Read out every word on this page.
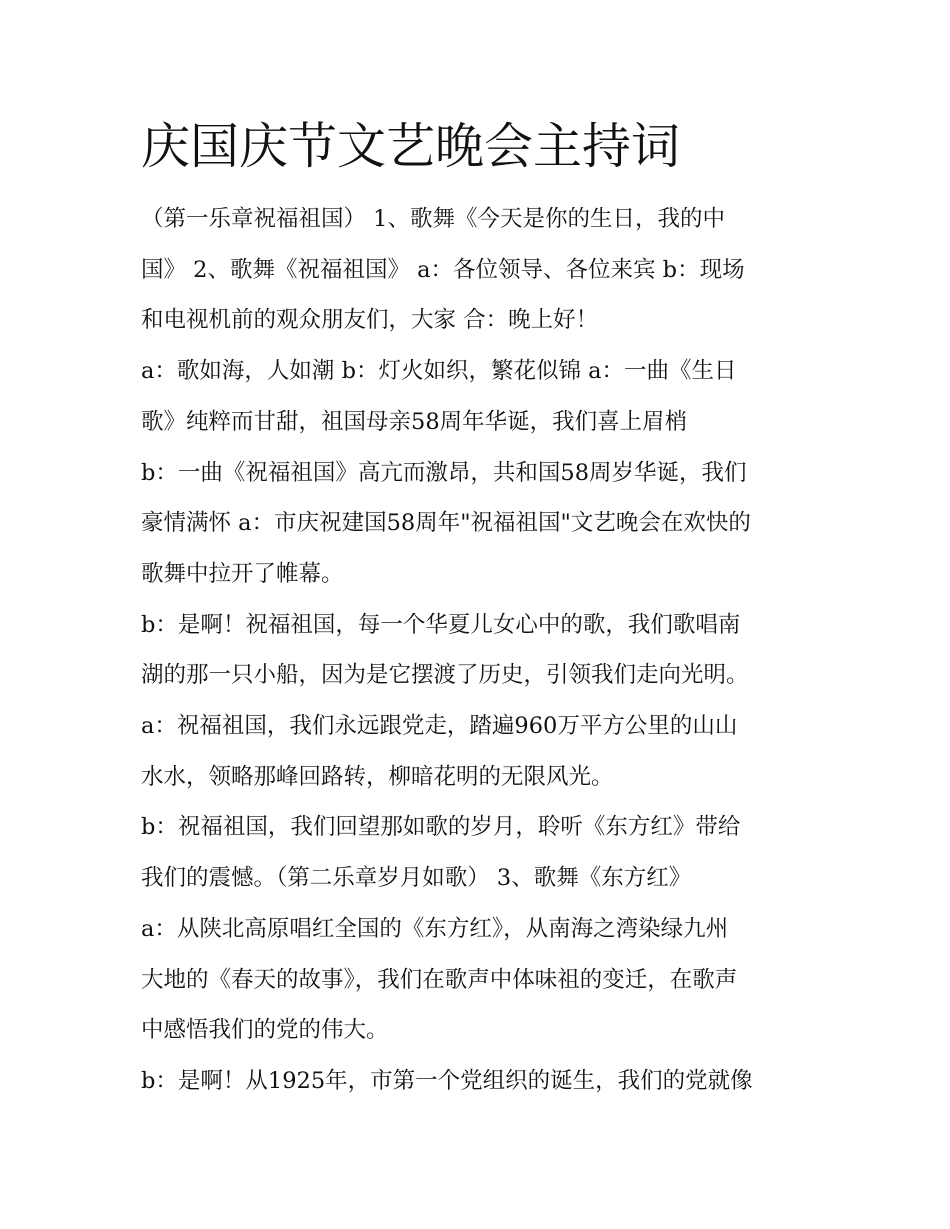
庆国庆节文艺晚会主持词
（第一乐章祝福祖国） 1、歌舞《今天是你的生日，我的中
国》 2、歌舞《祝福祖国》 a：各位领导、各位来宾 b：现场
和电视机前的观众朋友们，大家 合：晚上好！
a：歌如海，人如潮 b：灯火如织，繁花似锦 a：一曲《生日
歌》纯粹而甘甜，祖国母亲58周年华诞，我们喜上眉梢
b：一曲《祝福祖国》高亢而激昂，共和国58周岁华诞，我们
豪情满怀 a：市庆祝建国58周年"祝福祖国"文艺晚会在欢快的
歌舞中拉开了帷幕。
b：是啊！祝福祖国，每一个华夏儿女心中的歌，我们歌唱南
湖的那一只小船，因为是它摆渡了历史，引领我们走向光明。
a：祝福祖国，我们永远跟党走，踏遍960万平方公里的山山
水水，领略那峰回路转，柳暗花明的无限风光。
b：祝福祖国，我们回望那如歌的岁月，聆听《东方红》带给
我们的震憾。（第二乐章岁月如歌） 3、歌舞《东方红》
a：从陕北高原唱红全国的《东方红》，从南海之湾染绿九州
大地的《春天的故事》，我们在歌声中体味祖的变迁，在歌声
中感悟我们的党的伟大。
b：是啊！从1925年，市第一个党组织的诞生，我们的党就像
